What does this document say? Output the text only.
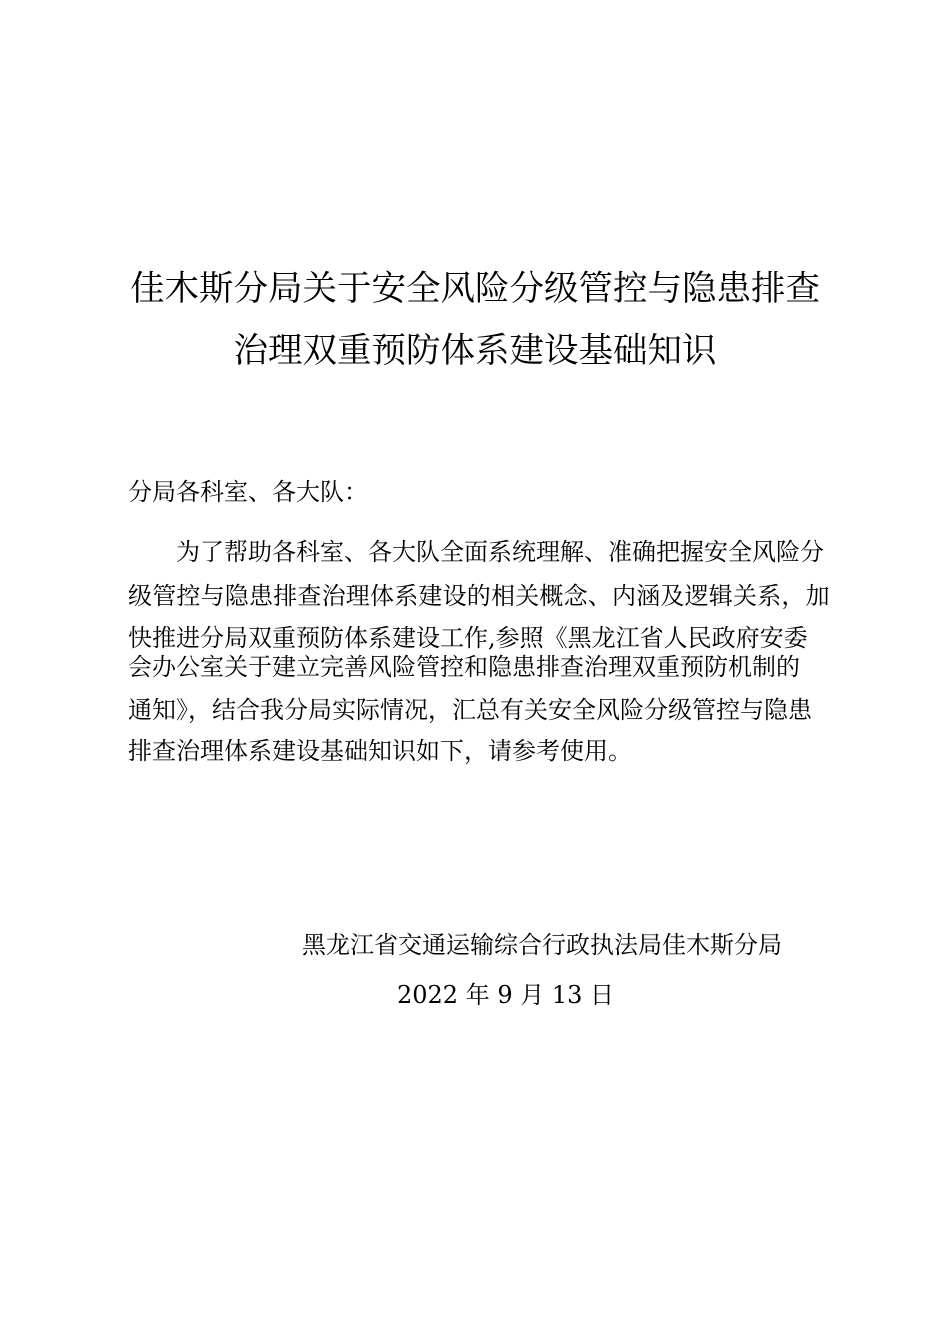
佳木斯分局关于安全风险分级管控与隐患排查
治理双重预防体系建设基础知识
分局各科室、各大队：
为了帮助各科室、各大队全面系统理解、准确把握安全风险分
级管控与隐患排查治理体系建设的相关概念、内涵及逻辑关系，加
快推进分局双重预防体系建设工作,参照《黑龙江省人民政府安委
会办公室关于建立完善风险管控和隐患排查治理双重预防机制的
通知》，结合我分局实际情况，汇总有关安全风险分级管控与隐患
排查治理体系建设基础知识如下，请参考使用。
黑龙江省交通运输综合行政执法局佳木斯分局
2022 年 9 月 13 日
